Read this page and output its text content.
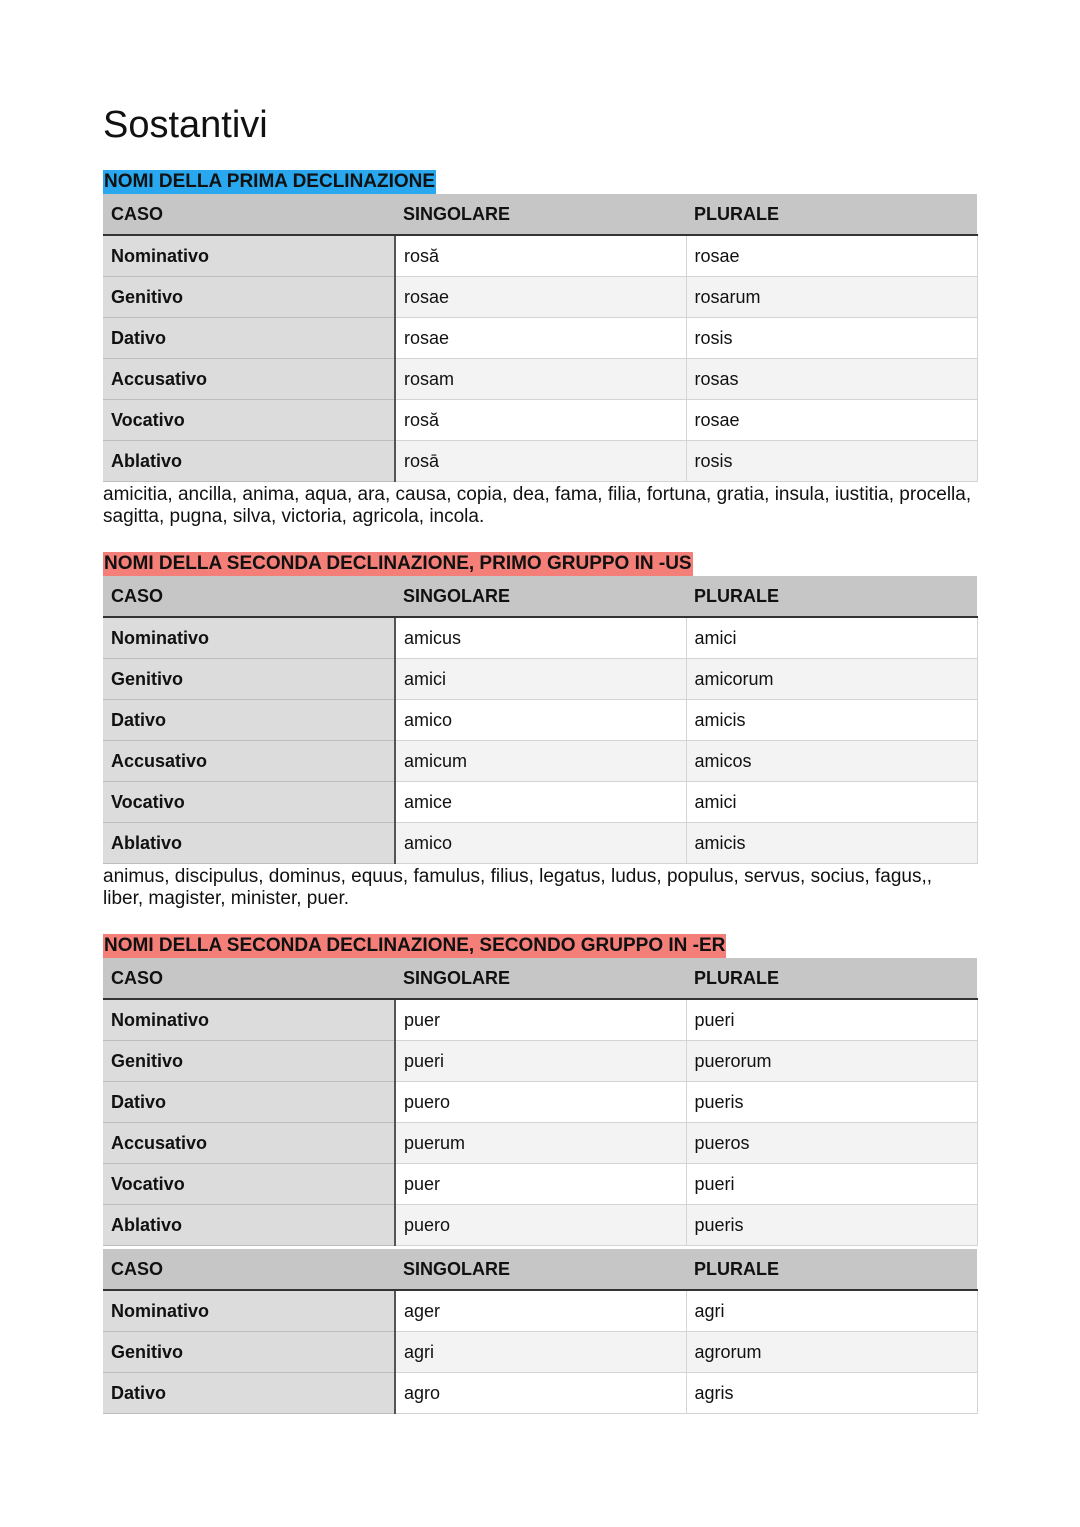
Sostantivi
NOMI DELLA PRIMA DECLINAZIONE
CASO	SINGOLARE	PLURALE
Nominativo	rosă	rosae
Genitivo	rosae	rosarum
Dativo	rosae	rosis
Accusativo	rosam	rosas
Vocativo	rosă	rosae
Ablativo	rosā	rosis

amicitia, ancilla, anima, aqua, ara, causa, copia, dea, fama, filia, fortuna, gratia, insula, iustitia, procella, sagitta, pugna, silva, victoria, agricola, incola.

NOMI DELLA SECONDA DECLINAZIONE, PRIMO GRUPPO IN -US
CASO	SINGOLARE	PLURALE
Nominativo	amicus	amici
Genitivo	amici	amicorum
Dativo	amico	amicis
Accusativo	amicum	amicos
Vocativo	amice	amici
Ablativo	amico	amicis

animus, discipulus, dominus, equus, famulus, filius, legatus, ludus, populus, servus, socius, fagus,, liber, magister, minister, puer.

NOMI DELLA SECONDA DECLINAZIONE, SECONDO GRUPPO IN -ER
CASO	SINGOLARE	PLURALE
Nominativo	puer	pueri
Genitivo	pueri	puerorum
Dativo	puero	pueris
Accusativo	puerum	pueros
Vocativo	puer	pueri
Ablativo	puero	pueris
CASO	SINGOLARE	PLURALE
Nominativo	ager	agri
Genitivo	agri	agrorum
Dativo	agro	agris
